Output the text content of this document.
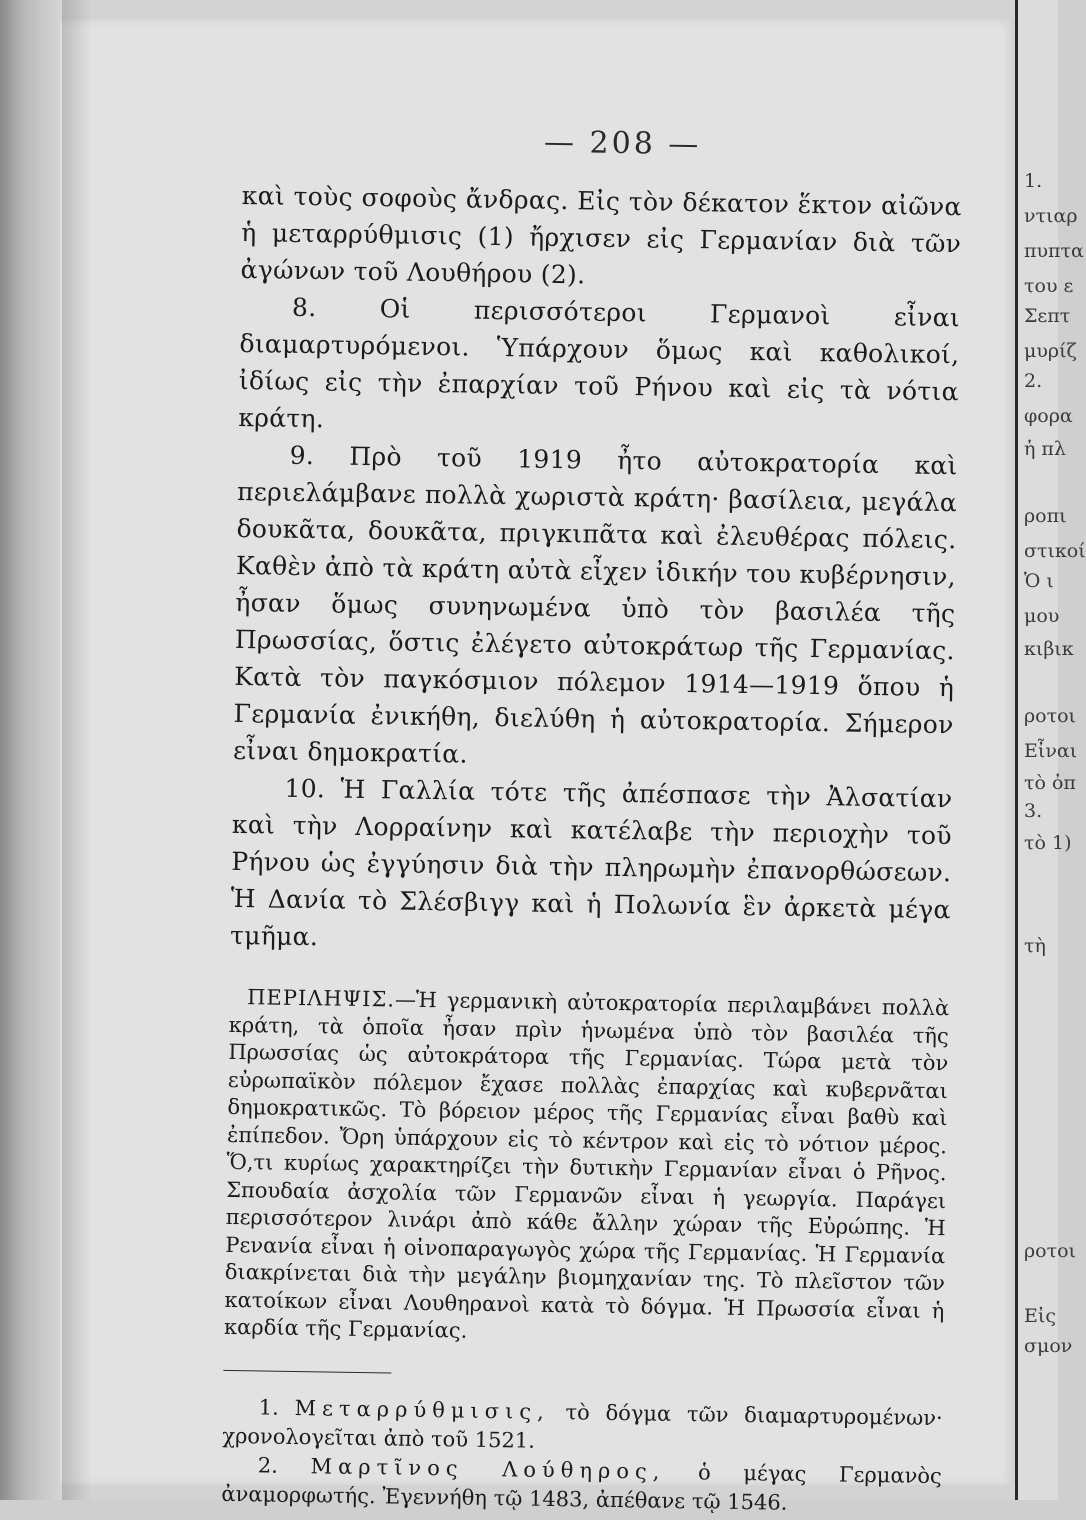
1.
ντιαρ
πυπτα
του ε
Σεπτ
μυρίζ
2.
φορα
ἡ πλ
ροπι
στικοί
Ὁ ι
μου
κιβικ
ροτοι
Εἶναι
τὸ ὀπ
3.
τὸ 1)
τὴ
ροτοι
Εἰς
σμον
— 208 —

καὶ τοὺς σοφοὺς ἄνδρας. Εἰς τὸν δέκατον ἕκτον αἰῶνα ἡ μεταρρύθμισις (1) ἤρχισεν εἰς Γερμανίαν διὰ τῶν ἀγώνων τοῦ Λουθήρου (2).

8. Οἱ περισσότεροι Γερμανοὶ εἶναι διαμαρτυρόμενοι. Ὑπάρχουν ὅμως καὶ καθολικοί, ἰδίως εἰς τὴν ἐπαρχίαν τοῦ Ρήνου καὶ εἰς τὰ νότια κράτη.

9. Πρὸ τοῦ 1919 ἦτο αὐτοκρατορία καὶ περιελάμβανε πολλὰ χωριστὰ κράτη· βασίλεια, μεγάλα δουκᾶτα, δουκᾶτα, πριγκιπᾶτα καὶ ἐλευθέρας πόλεις. Καθὲν ἀπὸ τὰ κράτη αὐτὰ εἶχεν ἰδικήν του κυβέρνησιν, ἦσαν ὅμως συνηνωμένα ὑπὸ τὸν βασιλέα τῆς Πρωσσίας, ὅστις ἐλέγετο αὐτοκράτωρ τῆς Γερμανίας. Κατὰ τὸν παγκόσμιον πόλεμον 1914—1919 ὅπου ἡ Γερμανία ἐνικήθη, διελύθη ἡ αὐτοκρατορία. Σήμερον εἶναι δημοκρατία.

10. Ἡ Γαλλία τότε τῆς ἀπέσπασε τὴν Ἀλσατίαν καὶ τὴν Λορραίνην καὶ κατέλαβε τὴν περιοχὴν τοῦ Ρήνου ὡς ἐγγύησιν διὰ τὴν πληρωμὴν ἐπανορθώσεων. Ἡ Δανία τὸ Σλέσβιγγ καὶ ἡ Πολωνία ἓν ἀρκετὰ μέγα τμῆμα.

ΠΕΡΙΛΗΨΙΣ.—Ἡ γερμανικὴ αὐτοκρατορία περιλαμβάνει πολλὰ κράτη, τὰ ὁποῖα ἦσαν πρὶν ἡνωμένα ὑπὸ τὸν βασιλέα τῆς Πρωσσίας ὡς αὐτοκράτορα τῆς Γερμανίας. Τώρα μετὰ τὸν εὐρωπαϊκὸν πόλεμον ἔχασε πολλὰς ἐπαρχίας καὶ κυβερνᾶται δημοκρατικῶς. Τὸ βόρειον μέρος τῆς Γερμανίας εἶναι βαθὺ καὶ ἐπίπεδον. Ὄρη ὑπάρχουν εἰς τὸ κέντρον καὶ εἰς τὸ νότιον μέρος. Ὅ,τι κυρίως χαρακτηρίζει τὴν δυτικὴν Γερμανίαν εἶναι ὁ Ρῆνος. Σπουδαία ἀσχολία τῶν Γερμανῶν εἶναι ἡ γεωργία. Παράγει περισσότερον λινάρι ἀπὸ κάθε ἄλλην χώραν τῆς Εὐρώπης. Ἡ Ρενανία εἶναι ἡ οἰνοπαραγωγὸς χώρα τῆς Γερμανίας. Ἡ Γερμανία διακρίνεται διὰ τὴν μεγάλην βιομηχανίαν της. Τὸ πλεῖστον τῶν κατοίκων εἶναι Λουθηρανοὶ κατὰ τὸ δόγμα. Ἡ Πρωσσία εἶναι ἡ καρδία τῆς Γερμανίας.

1. Μεταρρύθμισις, τὸ δόγμα τῶν διαμαρτυρομένων· χρονολογεῖται ἀπὸ τοῦ 1521.

2. Μαρτῖνος Λούθηρος, ὁ μέγας Γερμανὸς ἀναμορφωτής. Ἐγεννήθη τῷ 1483, ἀπέθανε τῷ 1546.
